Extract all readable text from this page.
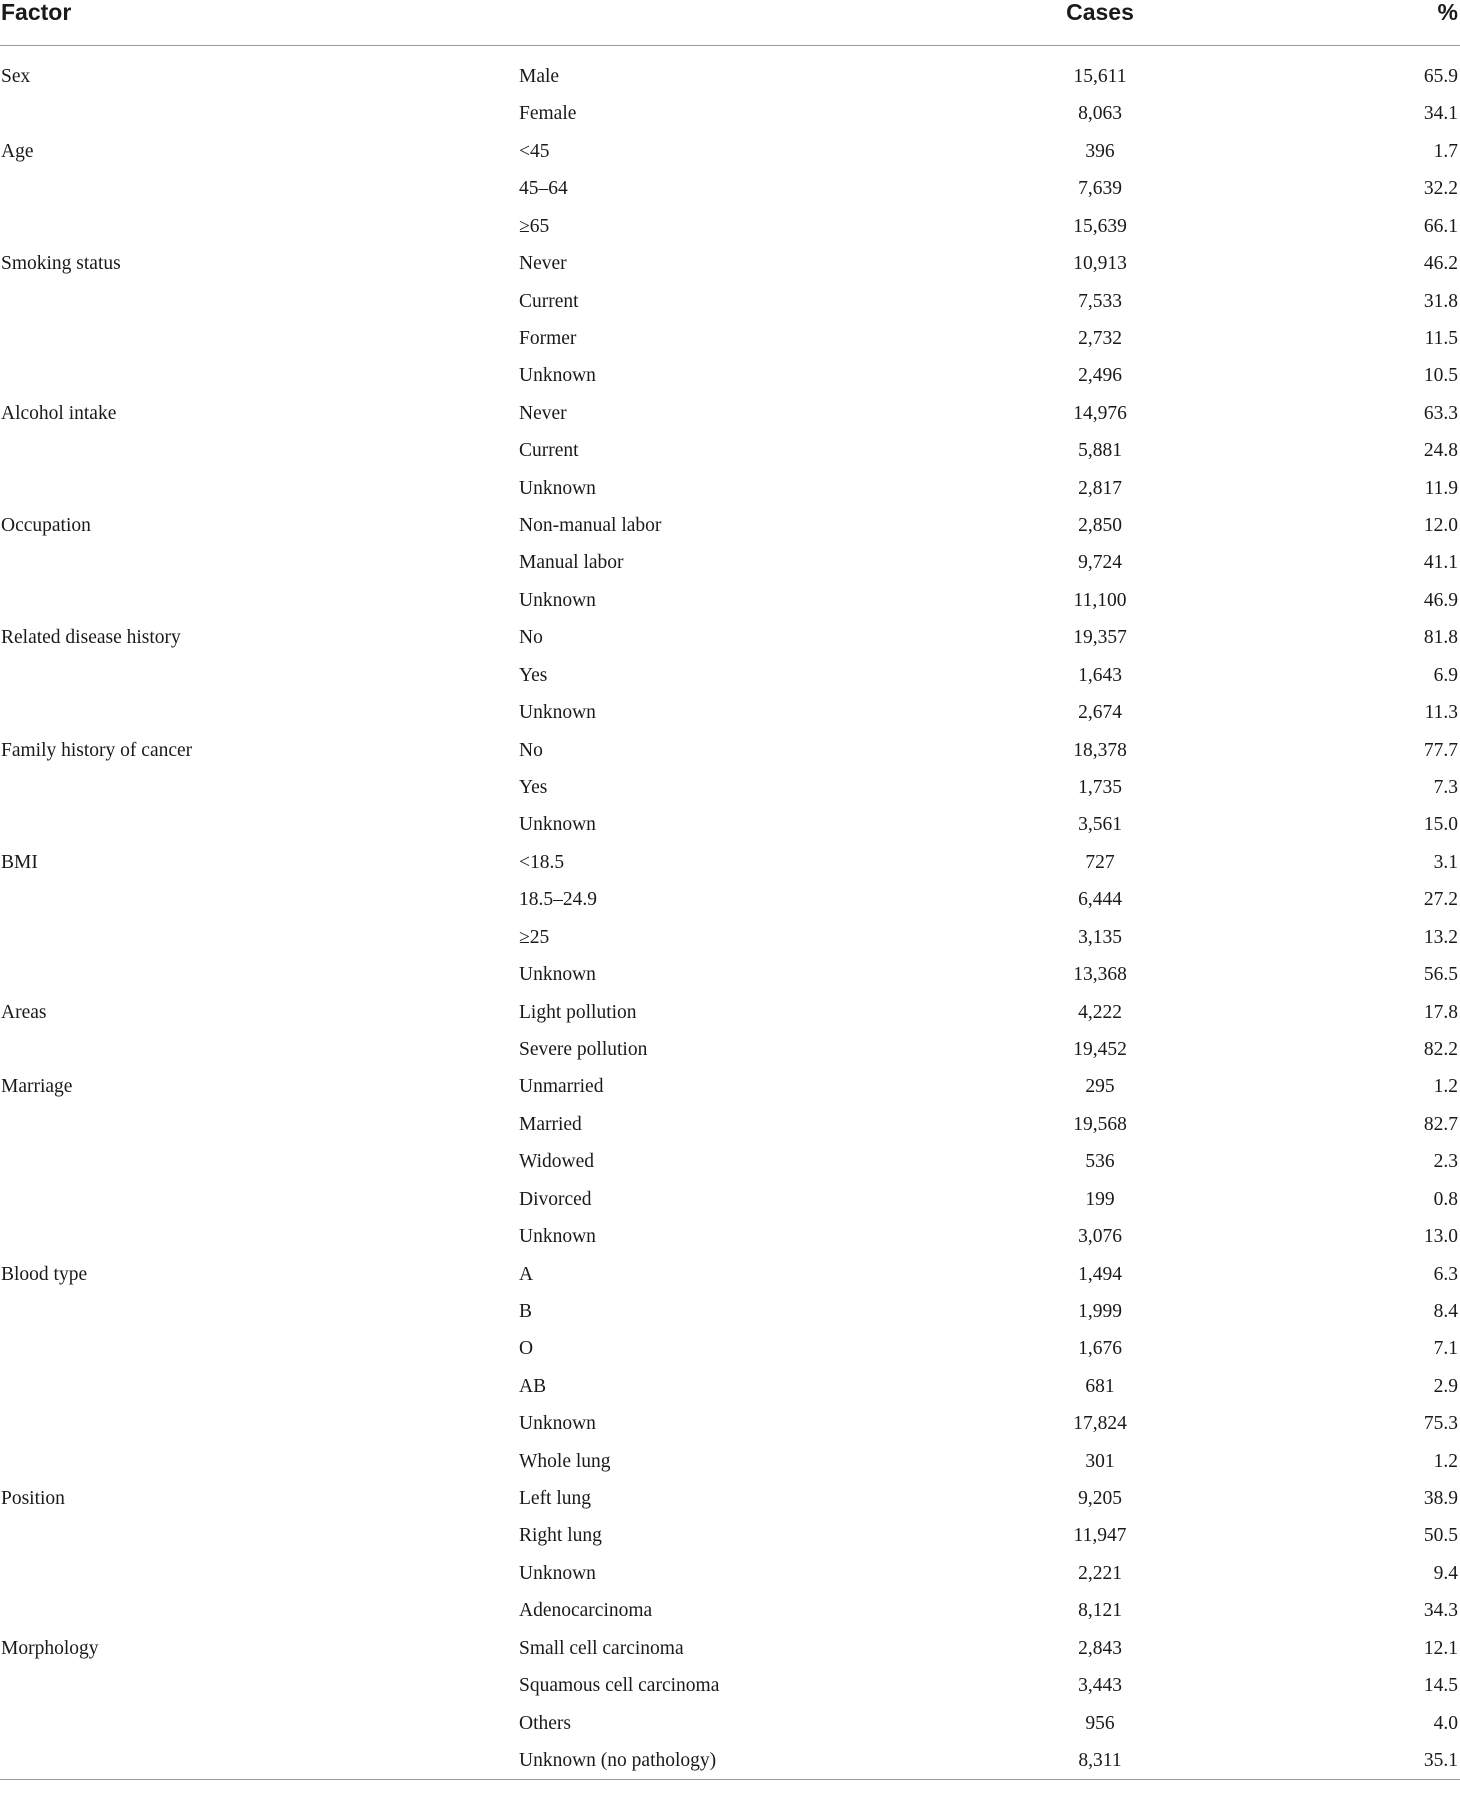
Factor		Cases	%
Sex	Male	15,611	65.9
	Female	8,063	34.1
Age	<45	396	1.7
	45–64	7,639	32.2
	≥65	15,639	66.1
Smoking status	Never	10,913	46.2
	Current	7,533	31.8
	Former	2,732	11.5
	Unknown	2,496	10.5
Alcohol intake	Never	14,976	63.3
	Current	5,881	24.8
	Unknown	2,817	11.9
Occupation	Non-manual labor	2,850	12.0
	Manual labor	9,724	41.1
	Unknown	11,100	46.9
Related disease history	No	19,357	81.8
	Yes	1,643	6.9
	Unknown	2,674	11.3
Family history of cancer	No	18,378	77.7
	Yes	1,735	7.3
	Unknown	3,561	15.0
BMI	<18.5	727	3.1
	18.5–24.9	6,444	27.2
	≥25	3,135	13.2
	Unknown	13,368	56.5
Areas	Light pollution	4,222	17.8
	Severe pollution	19,452	82.2
Marriage	Unmarried	295	1.2
	Married	19,568	82.7
	Widowed	536	2.3
	Divorced	199	0.8
	Unknown	3,076	13.0
Blood type	A	1,494	6.3
	B	1,999	8.4
	O	1,676	7.1
	AB	681	2.9
	Unknown	17,824	75.3
	Whole lung	301	1.2
Position	Left lung	9,205	38.9
	Right lung	11,947	50.5
	Unknown	2,221	9.4
	Adenocarcinoma	8,121	34.3
Morphology	Small cell carcinoma	2,843	12.1
	Squamous cell carcinoma	3,443	14.5
	Others	956	4.0
	Unknown (no pathology)	8,311	35.1
